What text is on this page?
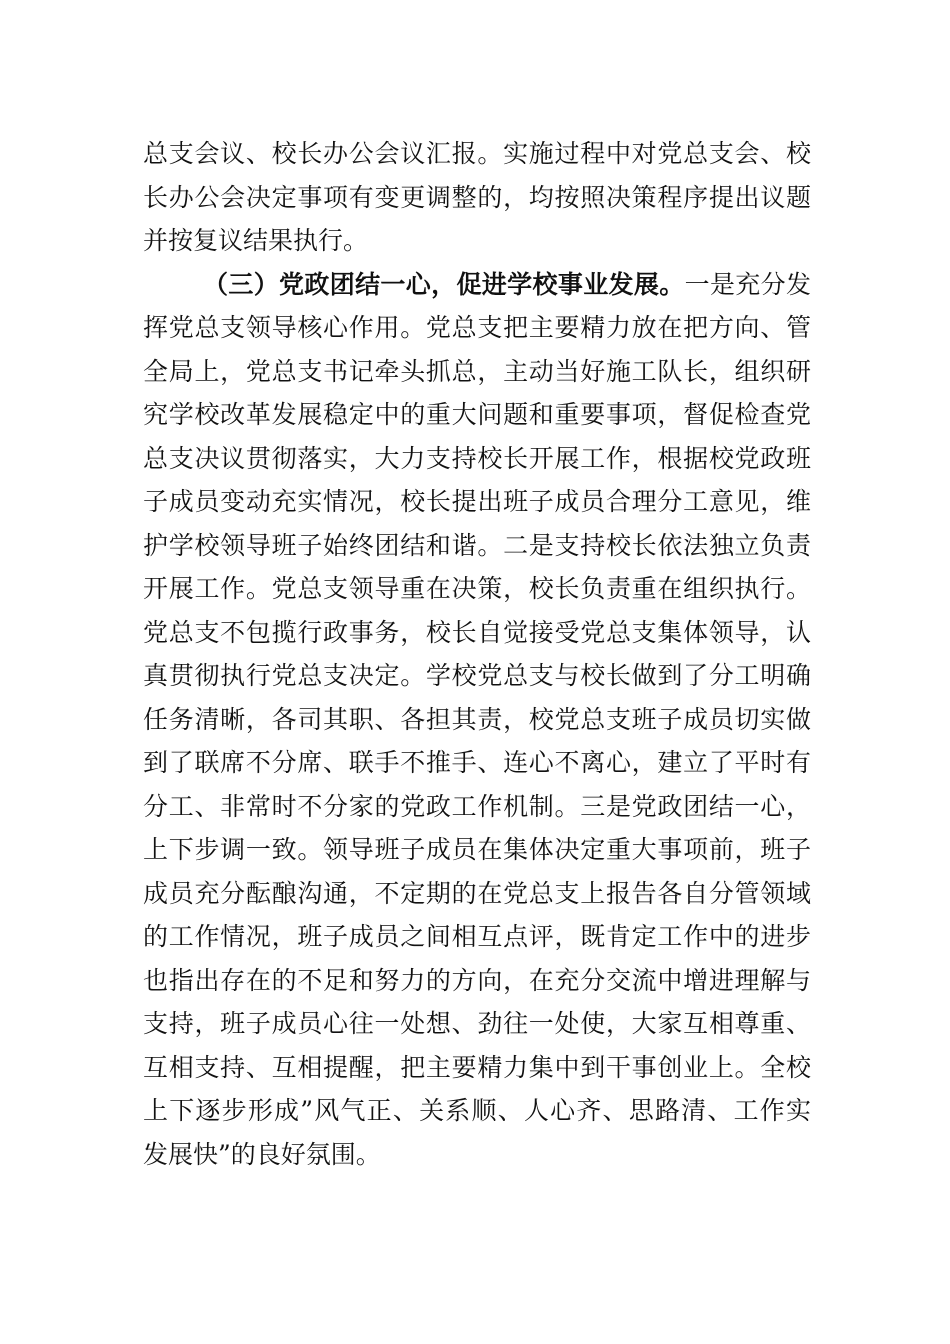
总支会议、校长办公会议汇报。实施过程中对党总支会、校
长办公会决定事项有变更调整的，均按照决策程序提出议题
并按复议结果执行。
（三）党政团结一心，促进学校事业发展。一是充分发
挥党总支领导核心作用。党总支把主要精力放在把方向、管
全局上，党总支书记牵头抓总，主动当好施工队长，组织研
究学校改革发展稳定中的重大问题和重要事项，督促检查党
总支决议贯彻落实，大力支持校长开展工作，根据校党政班
子成员变动充实情况，校长提出班子成员合理分工意见，维
护学校领导班子始终团结和谐。二是支持校长依法独立负责
开展工作。党总支领导重在决策，校长负责重在组织执行。
党总支不包揽行政事务，校长自觉接受党总支集体领导，认
真贯彻执行党总支决定。学校党总支与校长做到了分工明确
任务清晰，各司其职、各担其责，校党总支班子成员切实做
到了联席不分席、联手不推手、连心不离心，建立了平时有
分工、非常时不分家的党政工作机制。三是党政团结一心，
上下步调一致。领导班子成员在集体决定重大事项前，班子
成员充分酝酿沟通，不定期的在党总支上报告各自分管领域
的工作情况，班子成员之间相互点评，既肯定工作中的进步
也指出存在的不足和努力的方向，在充分交流中增进理解与
支持，班子成员心往一处想、劲往一处使，大家互相尊重、
互相支持、互相提醒，把主要精力集中到干事创业上。全校
上下逐步形成”风气正、关系顺、人心齐、思路清、工作实
发展快”的良好氛围。
